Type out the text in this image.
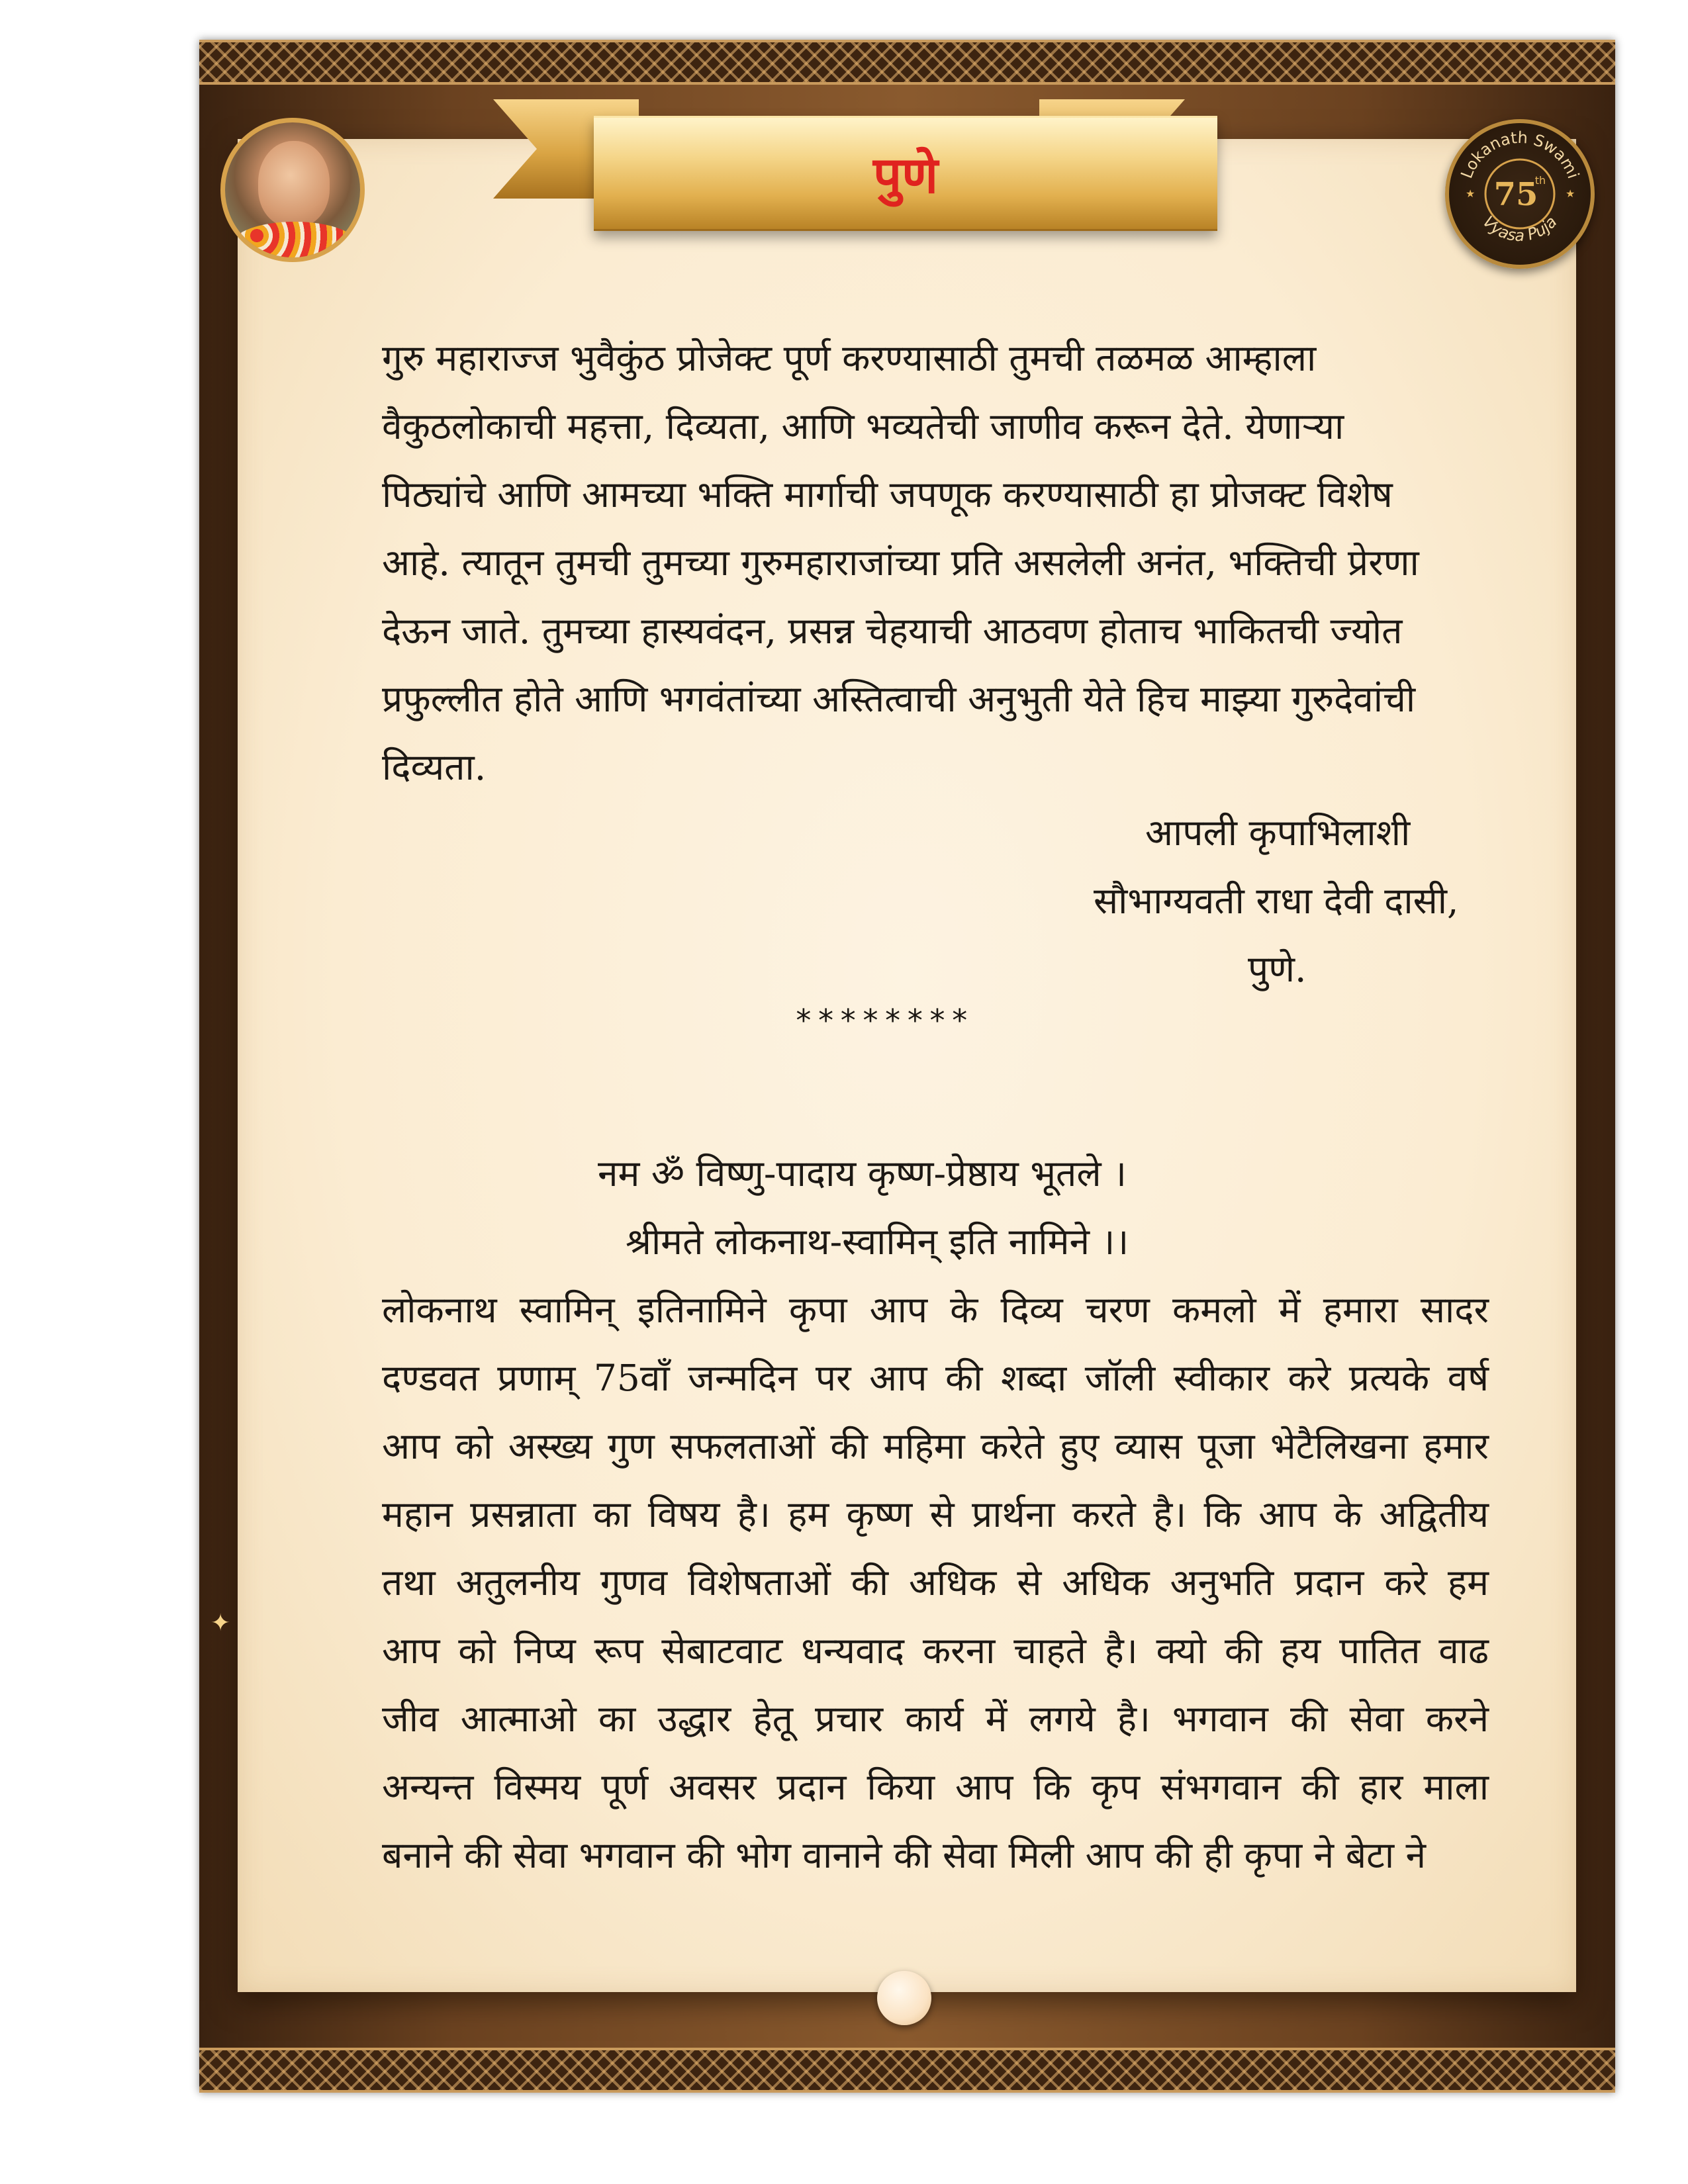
पुणे	Lokanath Swami
Vyasa Puja
75
th
★	★
गुरु महाराज्ज भुवैकुंठ प्रोजेक्ट पूर्ण करण्यासाठी तुमची तळमळ आम्हाला
वैकुठलोकाची महत्ता, दिव्यता, आणि भव्यतेची जाणीव करून देते. येणाऱ्या
पिठ्यांचे आणि आमच्या भक्ति मार्गाची जपणूक करण्यासाठी हा प्रोजक्ट विशेष
आहे. त्यातून तुमची तुमच्या गुरुमहाराजांच्या प्रति असलेली अनंत, भक्तिची प्रेरणा
देऊन जाते. तुमच्या हास्यवंदन, प्रसन्न चेहयाची आठवण होताच भाकितची ज्योत
प्रफुल्लीत होते आणि भगवंतांच्या अस्तित्वाची अनुभुती येते हिच माझ्या गुरुदेवांची
दिव्यता.
आपली कृपाभिलाशी
सौभाग्यवती राधा देवी दासी,
पुणे.
********
नम ॐ विष्णु-पादाय कृष्ण-प्रेष्ठाय भूतले ।
श्रीमते लोकनाथ-स्वामिन् इति नामिने ।।
लोकनाथ स्वामिन् इतिनामिने कृपा आप के दिव्य चरण कमलो में हमारा सादर
दण्डवत प्रणाम् 75वाँ जन्मदिन पर आप की शब्दा जॉली स्वीकार करे प्रत्यके वर्ष
आप को अस्ख्य गुण सफलताओं की महिमा करेते हुए व्यास पूजा भेटैलिखना हमार
महान प्रसन्नाता का विषय है। हम कृष्ण से प्रार्थना करते है। कि आप के अद्वितीय
तथा अतुलनीय गुणव विशेषताओं की अधिक से अधिक अनुभति प्रदान करे हम
आप को निप्य रूप सेबाटवाट धन्यवाद करना चाहते है। क्यो की हय पातित वाढ
जीव आत्माओ का उद्धार हेतू प्रचार कार्य में लगये है। भगवान की सेवा करने
अन्यन्त विस्मय पूर्ण अवसर प्रदान किया आप कि कृप संभगवान की हार माला
बनाने की सेवा भगवान की भोग वानाने की सेवा मिली आप की ही कृपा ने बेटा ने
✦
